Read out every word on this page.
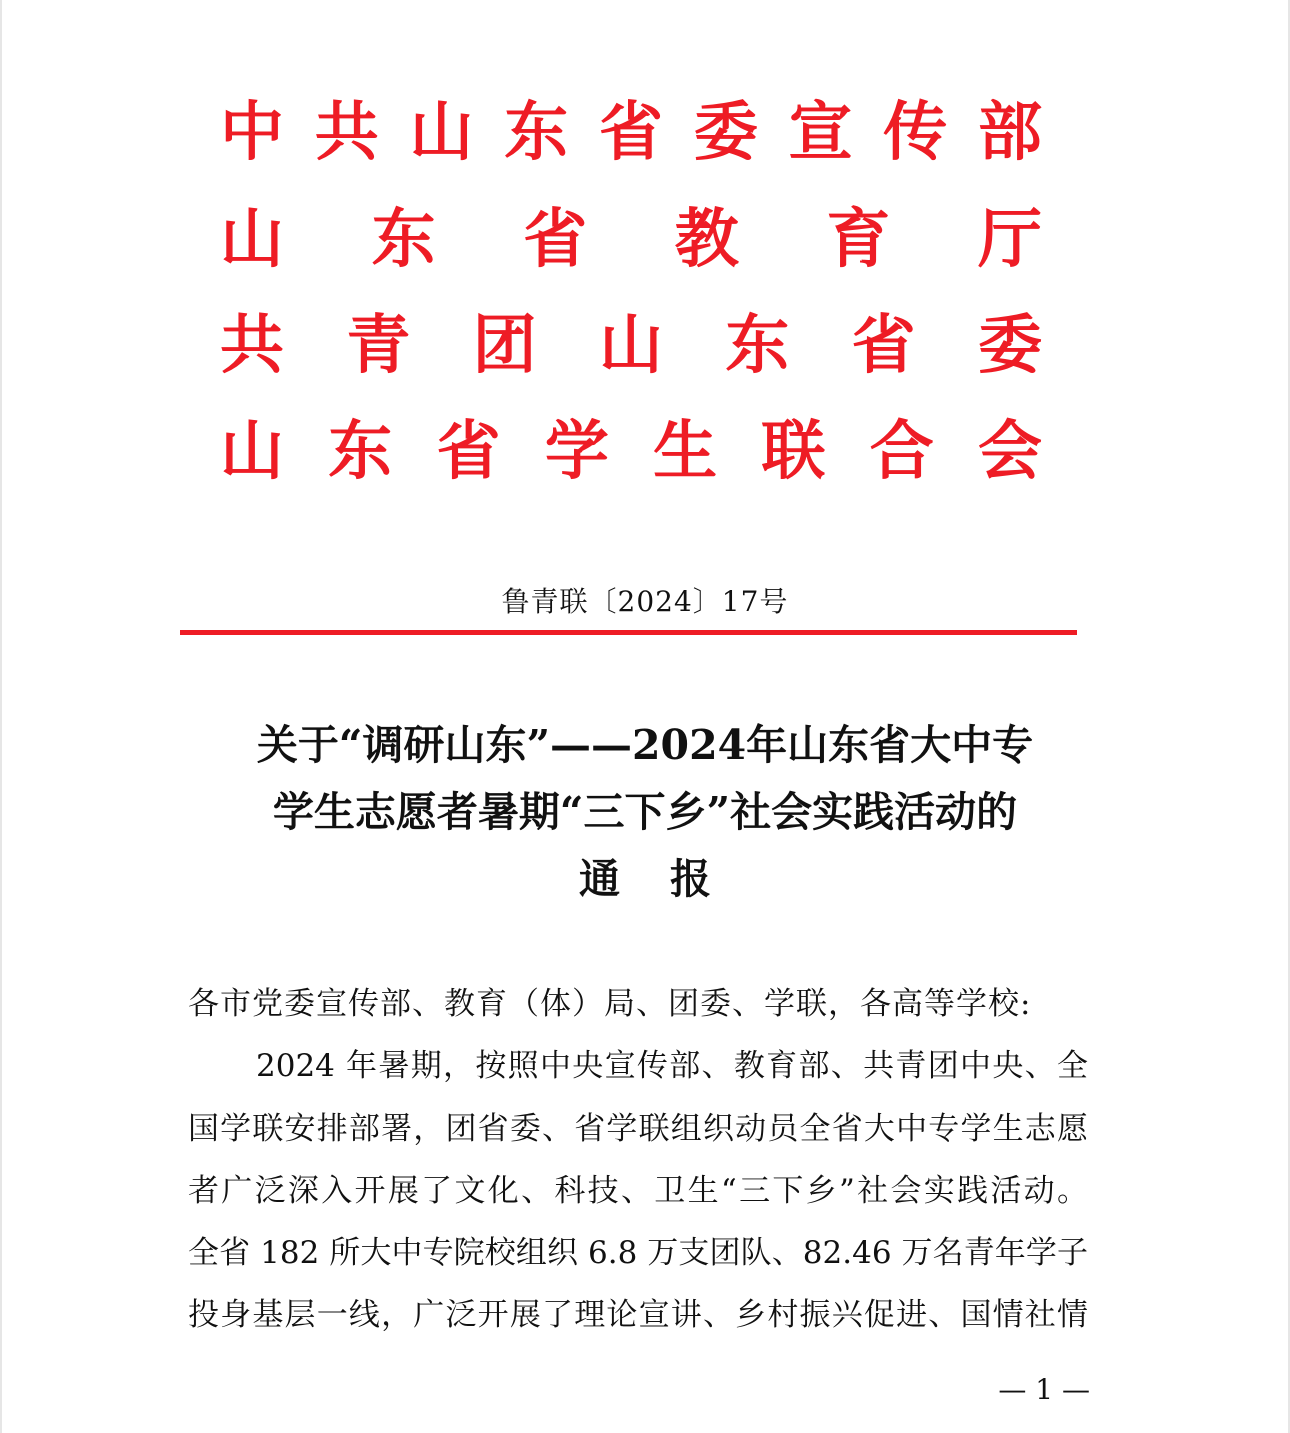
中 共 山 东 省 委 宣 传 部
山 东 省 教 育 厅
共 青 团 山 东 省 委
山 东 省 学 生 联 合 会
鲁青联〔2024〕17号
关于“调研山东”——2024年山东省大中专
学生志愿者暑期“三下乡”社会实践活动的
通报
各市党委宣传部、教育（体）局、团委、学联，各高等学校:
2024 年暑期，按照中央宣传部、教育部、共青团中央、全
国学联安排部署，团省委、省学联组织动员全省大中专学生志愿
者广泛深入开展了文化、科技、卫生“三下乡”社会实践活动。
全省 182 所大中专院校组织 6.8 万支团队、82.46 万名青年学子
投身基层一线，广泛开展了理论宣讲、乡村振兴促进、国情社情
— 1 —
